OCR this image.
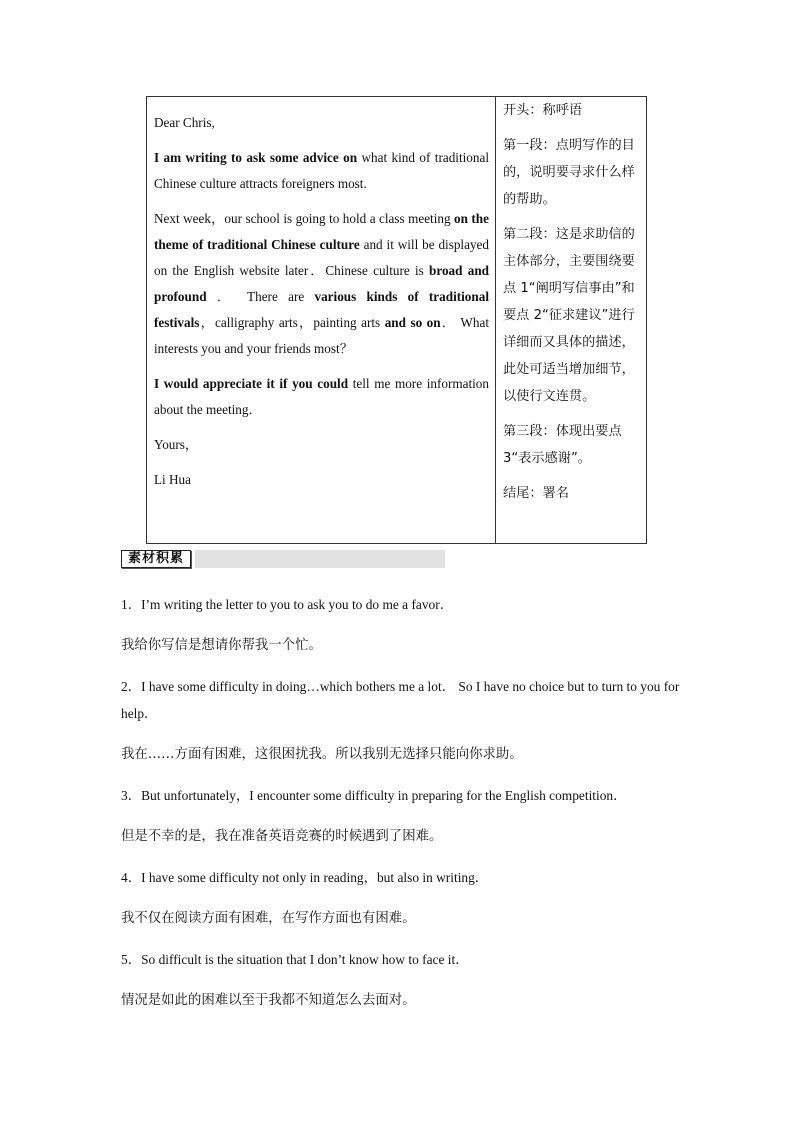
Dear Chris,

I am writing to ask some advice on what kind of traditional Chinese culture attracts foreigners most.

Next week，our school is going to hold a class meeting on the theme of traditional Chinese culture and it will be displayed on the English website later．Chinese culture is broad and profound ． There are various kinds of traditional festivals，calligraphy arts，painting arts and so on． What interests you and your friends most？

I would appreciate it if you could tell me more information about the meeting．

Yours，

Li Hua

开头：称呼语

第一段：点明写作的目的，说明要寻求什么样的帮助。

第二段：这是求助信的主体部分，主要围绕要点 1“阐明写信事由”和要点 2“征求建议”进行详细而又具体的描述，此处可适当增加细节，以使行文连贯。

第三段：体现出要点 3“表示感谢”。

结尾：署名

素材积累

1．I’m writing the letter to you to ask you to do me a favor．

我给你写信是想请你帮我一个忙。

2．I have some difficulty in doing…which bothers me a lot． So I have no choice but to turn to you for help．

我在……方面有困难，这很困扰我。所以我别无选择只能向你求助。

3．But unfortunately，I encounter some difficulty in preparing for the English competition．

但是不幸的是，我在准备英语竞赛的时候遇到了困难。

4．I have some difficulty not only in reading，but also in writing．

我不仅在阅读方面有困难，在写作方面也有困难。

5．So difficult is the situation that I don’t know how to face it．

情况是如此的困难以至于我都不知道怎么去面对。
